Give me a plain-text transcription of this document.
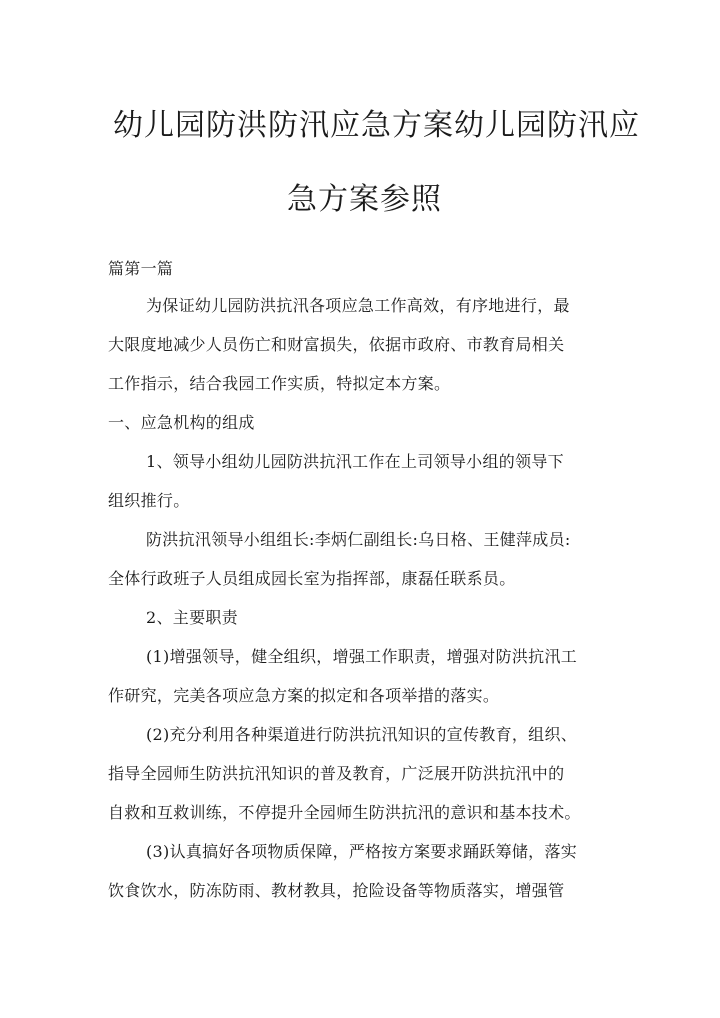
幼儿园防洪防汛应急方案幼儿园防汛应
急方案参照
篇第一篇
为保证幼儿园防洪抗汛各项应急工作高效，有序地进行，最
大限度地减少人员伤亡和财富损失，依据市政府、市教育局相关
工作指示，结合我园工作实质，特拟定本方案。
一、应急机构的组成
1、领导小组幼儿园防洪抗汛工作在上司领导小组的领导下
组织推行。
防洪抗汛领导小组组长:李炳仁副组长:乌日格、王健萍成员:
全体行政班子人员组成园长室为指挥部，康磊任联系员。
2、主要职责
(1)增强领导，健全组织，增强工作职责，增强对防洪抗汛工
作研究，完美各项应急方案的拟定和各项举措的落实。
(2)充分利用各种渠道进行防洪抗汛知识的宣传教育，组织、
指导全园师生防洪抗汛知识的普及教育，广泛展开防洪抗汛中的
自救和互救训练，不停提升全园师生防洪抗汛的意识和基本技术。
(3)认真搞好各项物质保障，严格按方案要求踊跃筹储，落实
饮食饮水，防冻防雨、教材教具，抢险设备等物质落实，增强管
